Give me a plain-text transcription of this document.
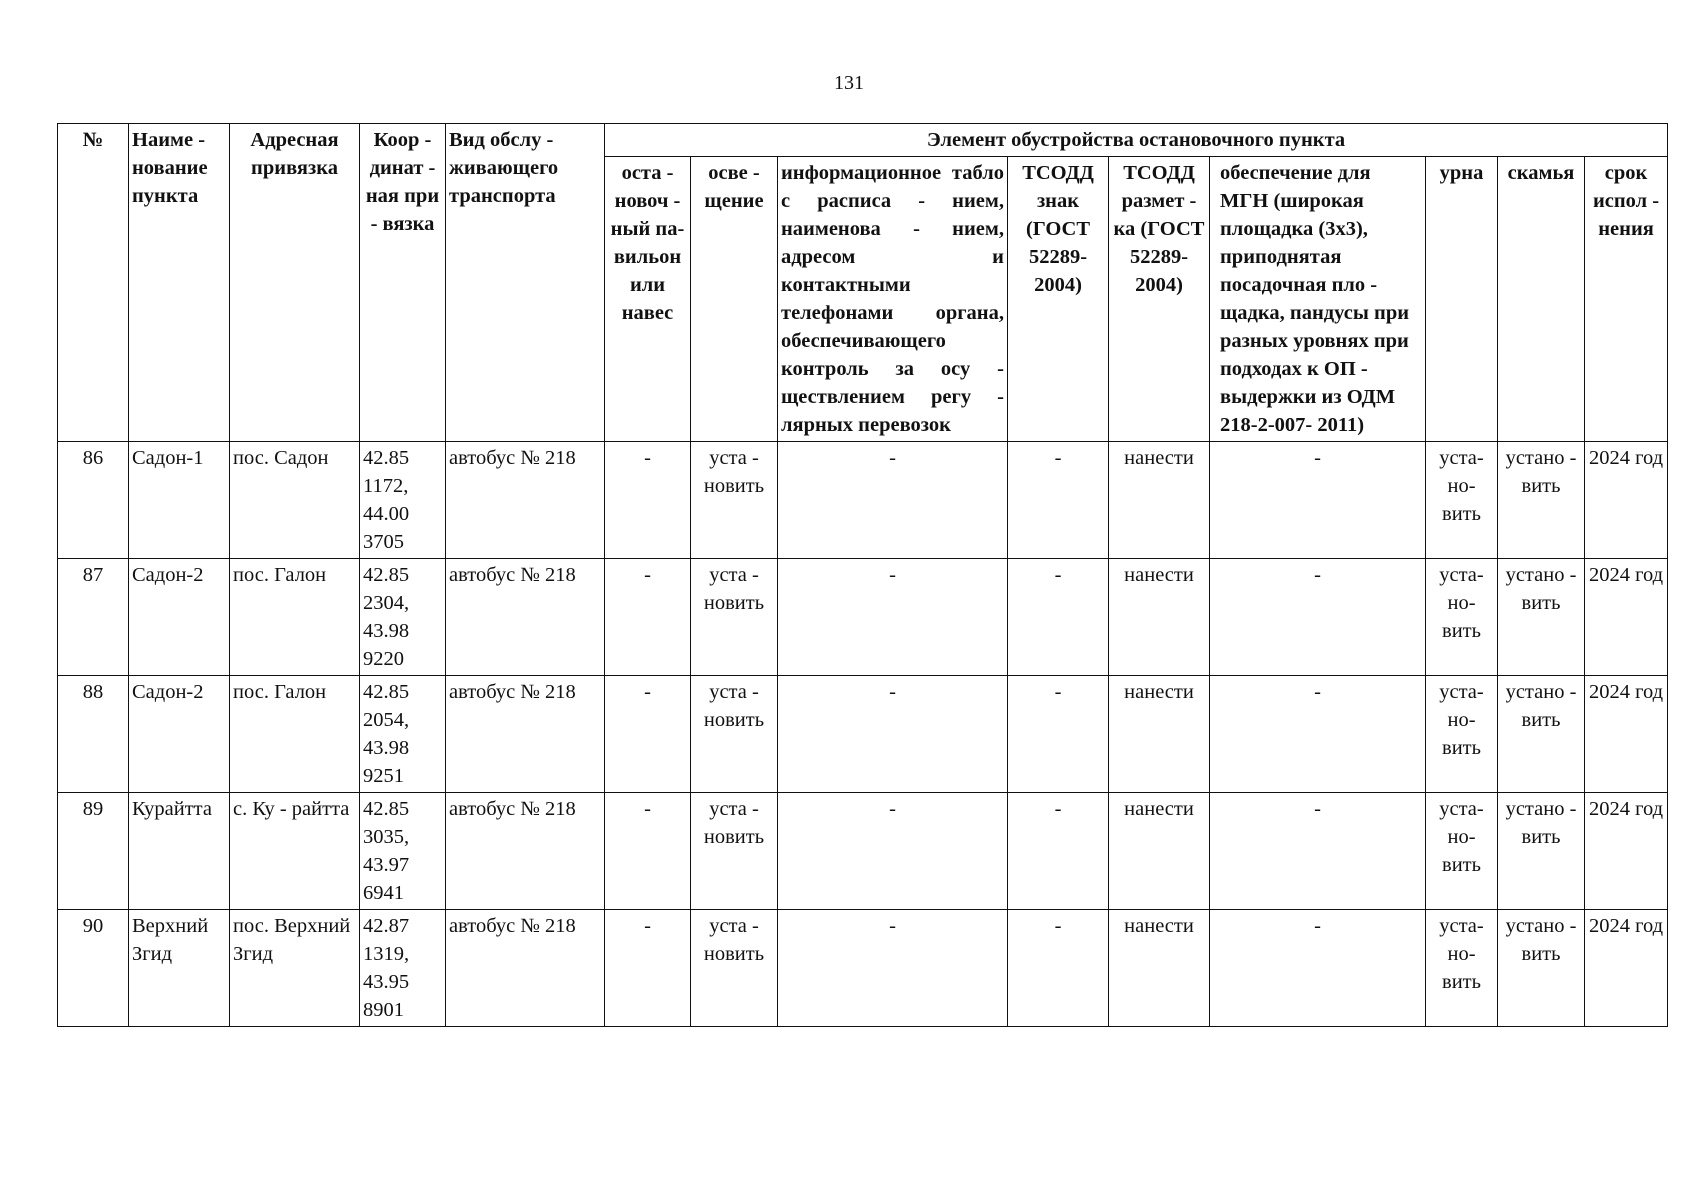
131
№	Наиме - нование пункта	Адресная привязка	Коор - динат - ная при - вязка	Вид обслу - живающего транспорта	Элемент обустройства остановочного пункта								
					оста - новоч - ный па- вильон или навес	осве - щение	информационное табло с расписа - нием, наименова - нием, адресом и контактными телефонами органа, обеспечивающего контроль за осу - ществлением регу - лярных перевозок	ТСОДД знак (ГОСТ 52289- 2004)	ТСОДД размет - ка (ГОСТ 52289- 2004)	обеспечение для МГН (широкая площадка (3х3), приподнятая посадочная пло - щадка, пандусы при разных уровнях при подходах к ОП - выдержки из ОДМ 218-2-007- 2011)	урна	скамья	срок испол - нения
86	Садон-1	пос. Садон	42.85 1172, 44.00 3705	автобус № 218	-	уста - новить	-	-	нанести	-	уста- но- вить	устано - вить	2024 год
87	Садон-2	пос. Галон	42.85 2304, 43.98 9220	автобус № 218	-	уста - новить	-	-	нанести	-	уста- но- вить	устано - вить	2024 год
88	Садон-2	пос. Галон	42.85 2054, 43.98 9251	автобус № 218	-	уста - новить	-	-	нанести	-	уста- но- вить	устано - вить	2024 год
89	Курайтта	с. Ку - райтта	42.85 3035, 43.97 6941	автобус № 218	-	уста - новить	-	-	нанести	-	уста- но- вить	устано - вить	2024 год
90	Верхний Згид	пос. Верхний Згид	42.87 1319, 43.95 8901	автобус № 218	-	уста - новить	-	-	нанести	-	уста- но- вить	устано - вить	2024 год
